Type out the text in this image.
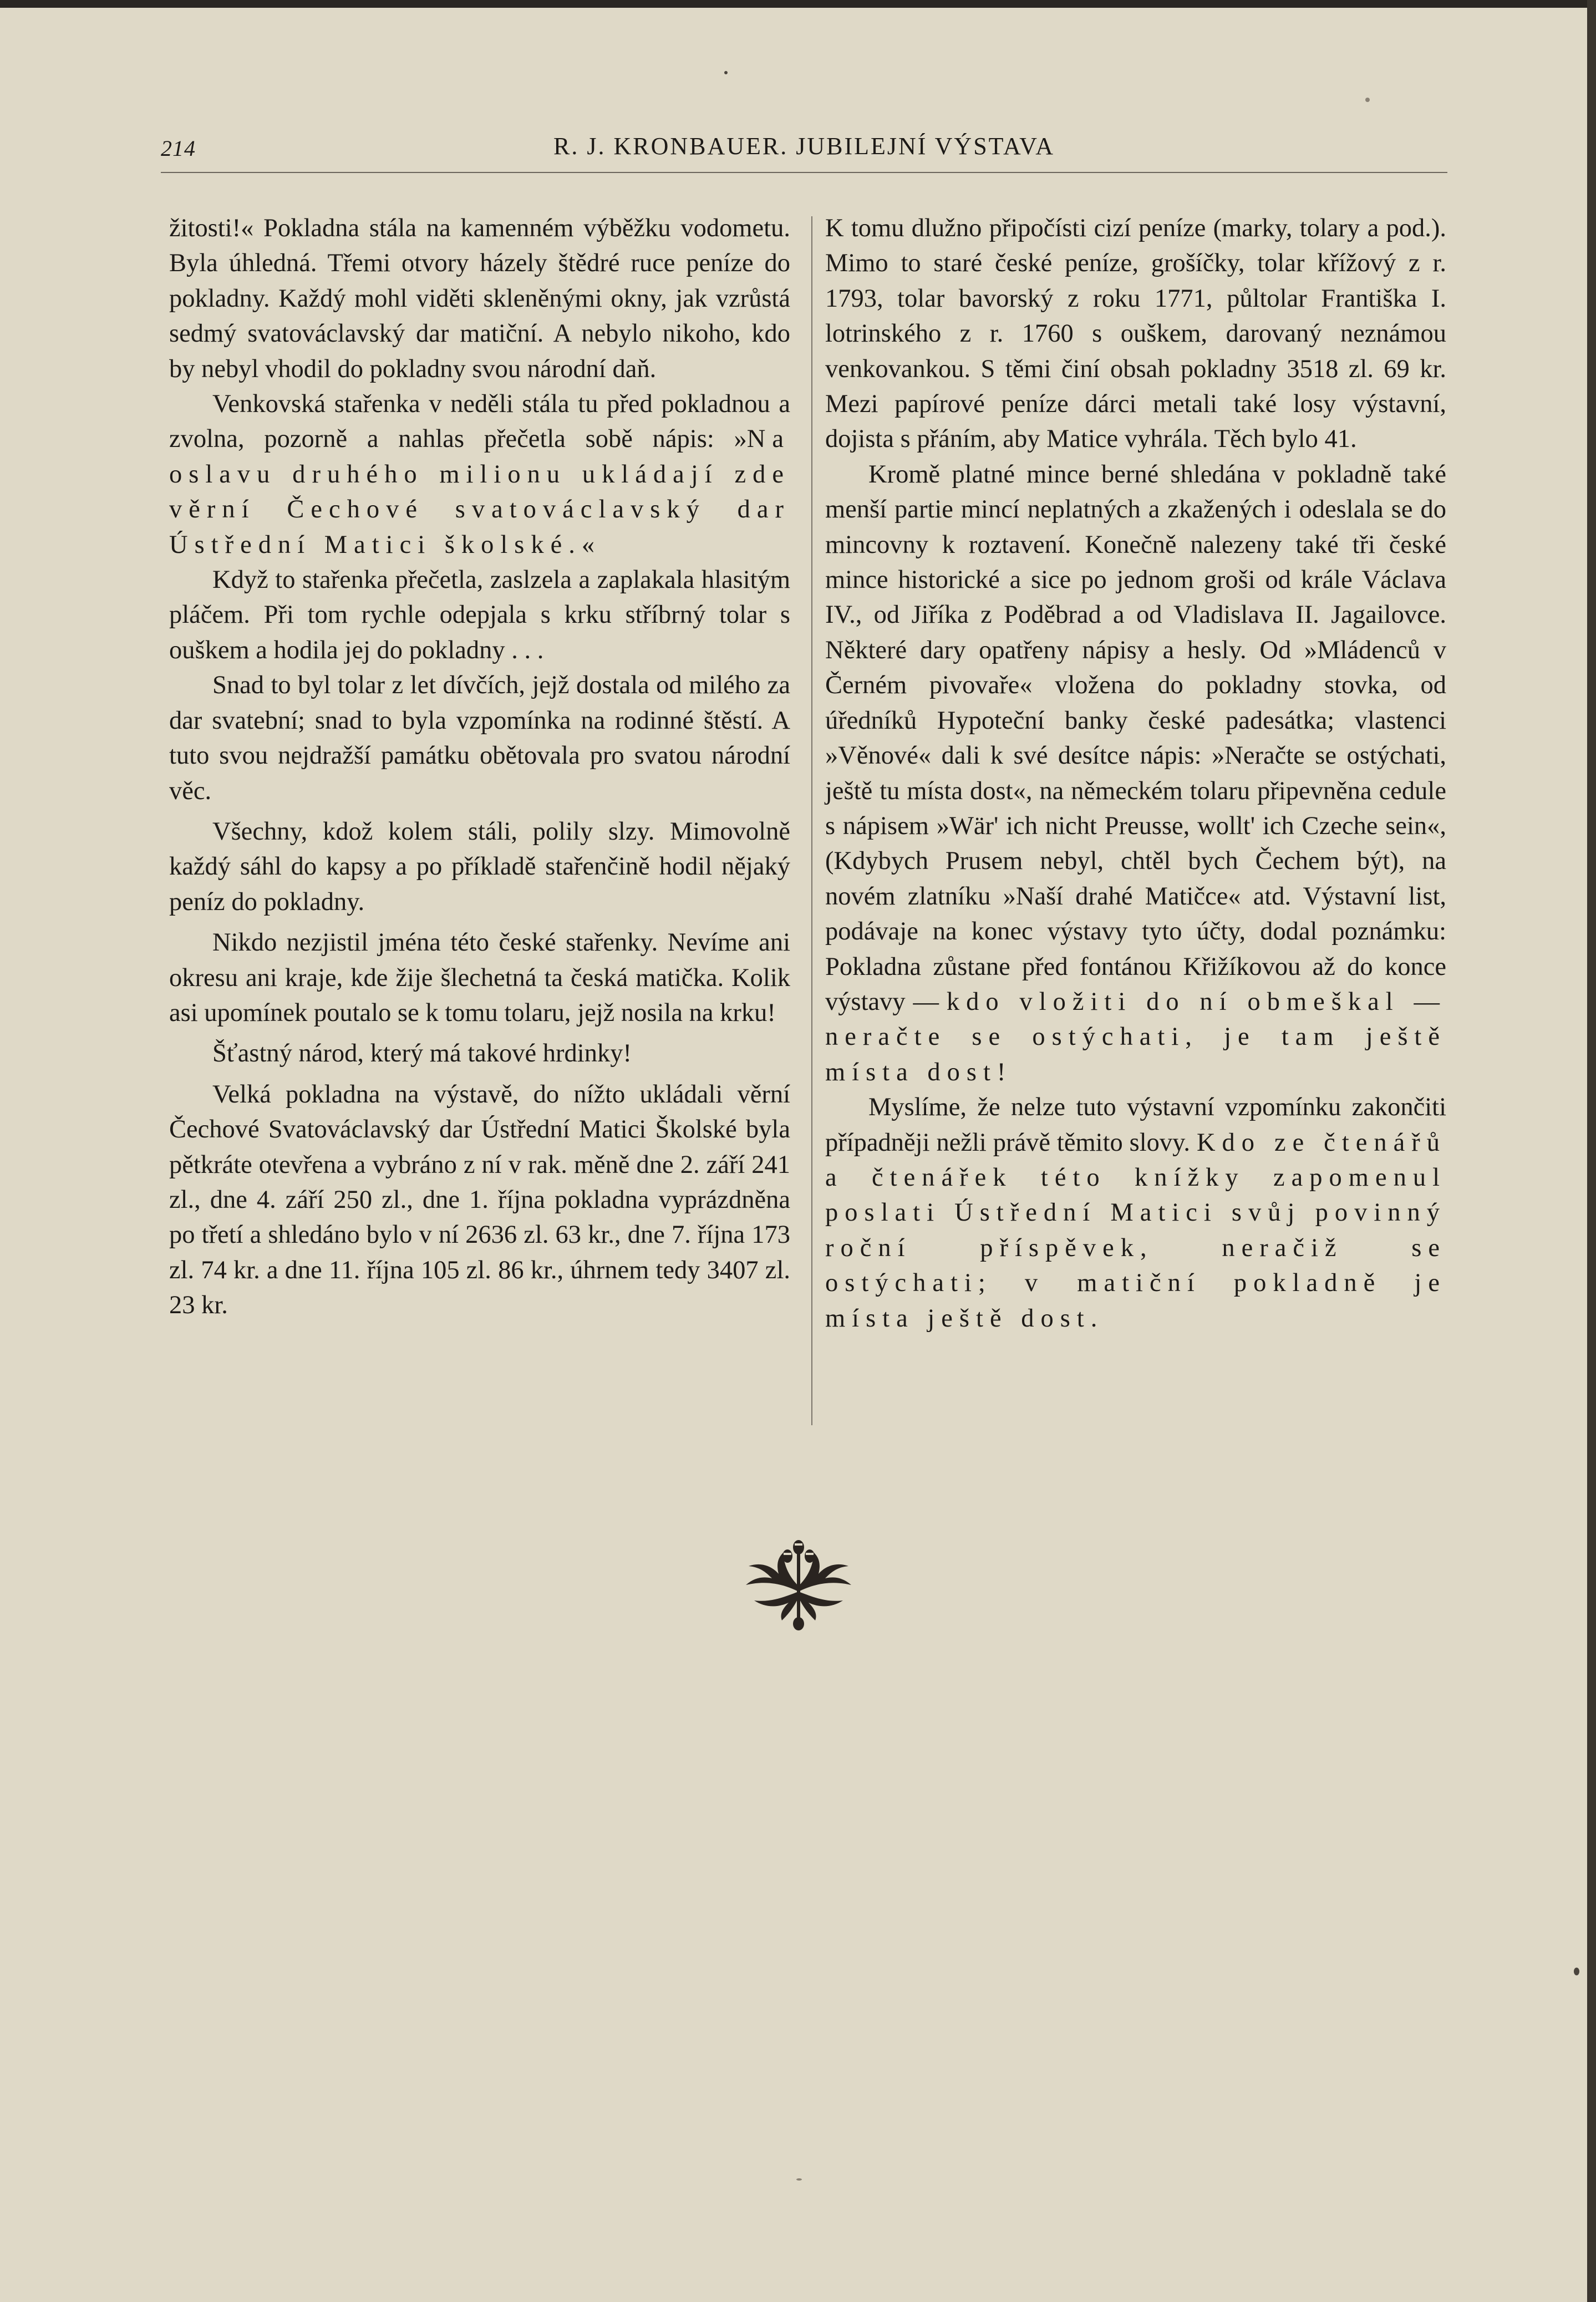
214	R. J. KRONBAUER. JUBILEJNÍ VÝSTAVA

žitosti!« Pokladna stála na kamenném výběžku vodometu. Byla úhledná. Třemi otvory házely štědré ruce peníze do pokladny. Každý mohl viděti skleněnými okny, jak vzrůstá sedmý svatováclavský dar matiční. A nebylo nikoho, kdo by nebyl vhodil do pokladny svou národní daň.

Venkovská stařenka v neděli stála tu před pokladnou a zvolna, pozorně a nahlas přečetla sobě nápis: »Na oslavu druhého milionu ukládají zde věrní Čechové svatováclavský dar Ústřední Matici školské.«

Když to stařenka přečetla, zaslzela a zaplakala hlasitým pláčem. Při tom rychle odepjala s krku stříbrný tolar s ouškem a hodila jej do pokladny . . .

Snad to byl tolar z let dívčích, jejž dostala od milého za dar svatební; snad to byla vzpomínka na rodinné štěstí. A tuto svou nejdražší památku obětovala pro svatou národní věc.

Všechny, kdož kolem stáli, polily slzy. Mimovolně každý sáhl do kapsy a po příkladě stařenčině hodil nějaký peníz do pokladny.

Nikdo nezjistil jména této české stařenky. Nevíme ani okresu ani kraje, kde žije šlechetná ta česká matička. Kolik asi upomínek poutalo se k tomu tolaru, jejž nosila na krku!

Šťastný národ, který má takové hrdinky!

Velká pokladna na výstavě, do nížto ukládali věrní Čechové Svatováclavský dar Ústřední Matici Školské byla pětkráte otevřena a vybráno z ní v rak. měně dne 2. září 241 zl., dne 4. září 250 zl., dne 1. října pokladna vyprázdněna po třetí a shledáno bylo v ní 2636 zl. 63 kr., dne 7. října 173 zl. 74 kr. a dne 11. října 105 zl. 86 kr., úhrnem tedy 3407 zl. 23 kr.

K tomu dlužno připočísti cizí peníze (marky, tolary a pod.). Mimo to staré české peníze, grošíčky, tolar křížový z r. 1793, tolar bavorský z roku 1771, půltolar Františka I. lotrinského z r. 1760 s ouškem, darovaný neznámou venkovankou. S těmi činí obsah pokladny 3518 zl. 69 kr. Mezi papírové peníze dárci metali také losy výstavní, dojista s přáním, aby Matice vyhrála. Těch bylo 41.

Kromě platné mince berné shledána v pokladně také menší partie mincí neplatných a zkažených i odeslala se do mincovny k roztavení. Konečně nalezeny také tři české mince historické a sice po jednom groši od krále Václava IV., od Jiříka z Poděbrad a od Vladislava II. Jagailovce. Některé dary opatřeny nápisy a hesly. Od »Mládenců v Černém pivovaře« vložena do pokladny stovka, od úředníků Hypoteční banky české padesátka; vlastenci »Věnové« dali k své desítce nápis: »Neračte se ostýchati, ještě tu místa dost«, na německém tolaru připevněna cedule s nápisem »Wär' ich nicht Preusse, wollt' ich Czeche sein«, (Kdybych Prusem nebyl, chtěl bych Čechem být), na novém zlatníku »Naší drahé Matičce« atd. Výstavní list, podávaje na konec výstavy tyto účty, dodal poznámku: Pokladna zůstane před fontánou Křižíkovou až do konce výstavy — kdo vložiti do ní obmeškal — neračte se ostýchati, je tam ještě místa dost!

Myslíme, že nelze tuto výstavní vzpomínku zakončiti případněji nežli právě těmito slovy. Kdo ze čtenářů a čtenářek této knížky zapomenul poslati Ústřední Matici svůj povinný roční příspěvek, neračiž se ostýchati; v matiční pokladně je místa ještě dost.
